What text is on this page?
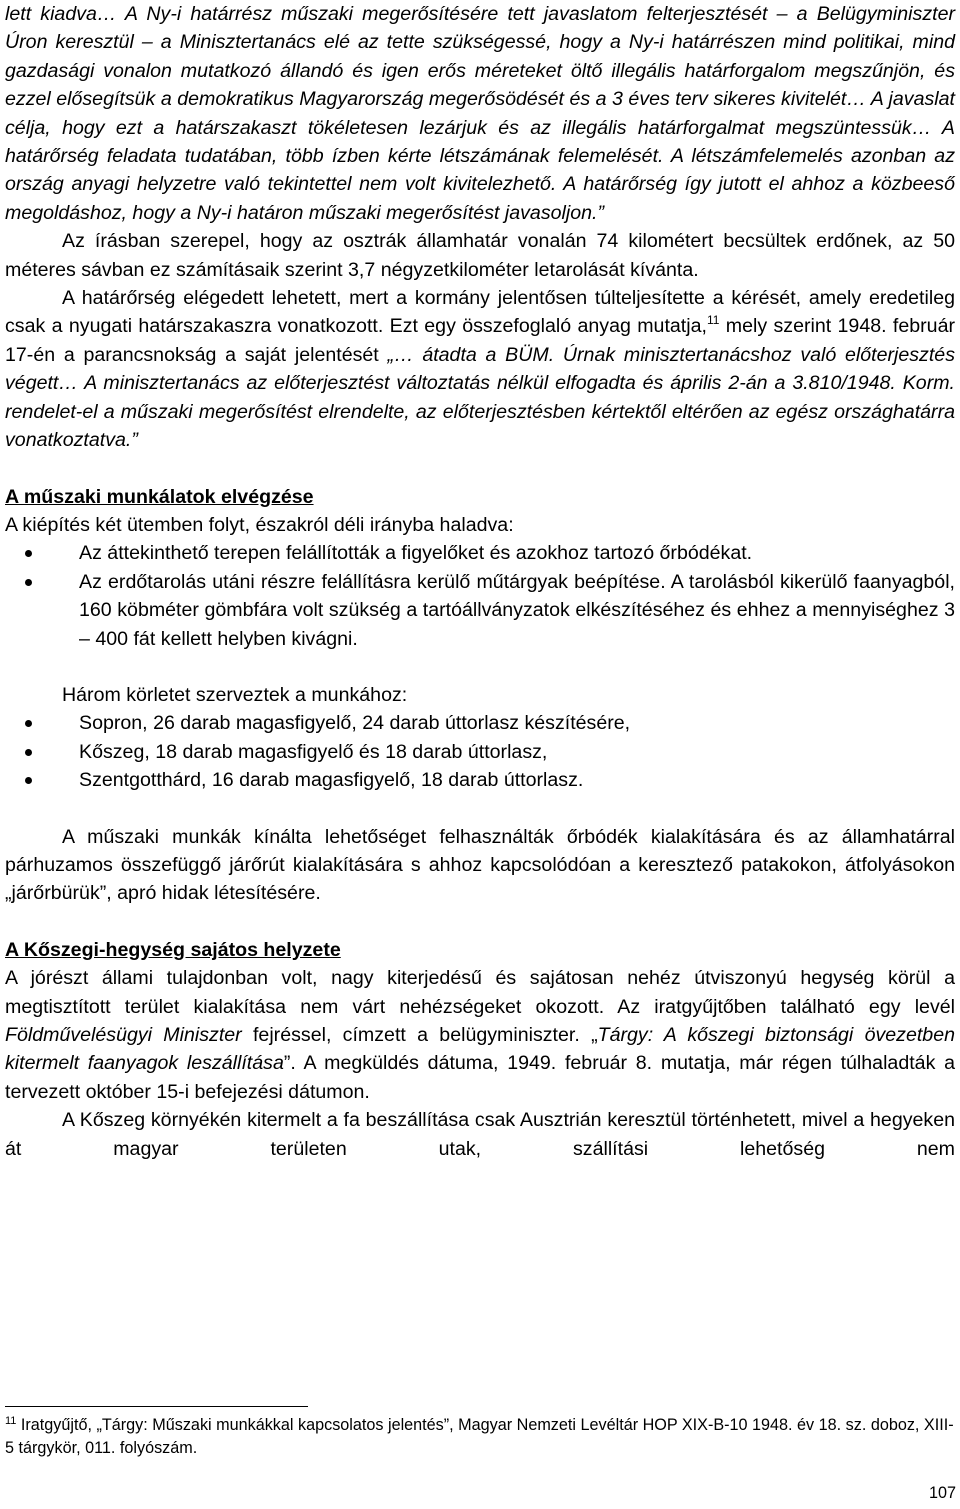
lett kiadva… A Ny-i határrész műszaki megerősítésére tett javaslatom felterjesztését – a Belügyminiszter Úron keresztül – a Minisztertanács elé az tette szükségessé, hogy a Ny-i határrészen mind politikai, mind gazdasági vonalon mutatkozó állandó és igen erős méreteket öltő illegális határforgalom megszűnjön, és ezzel elősegítsük a demokratikus Magyarország megerősödését és a 3 éves terv sikeres kivitelét… A javaslat célja, hogy ezt a határszakaszt tökéletesen lezárjuk és az illegális határforgalmat megszüntessük… A határőrség feladata tudatában, több ízben kérte létszámának felemelését. A létszámfelemelés azonban az ország anyagi helyzetre való tekintettel nem volt kivitelezhető. A határőrség így jutott el ahhoz a közbeeső megoldáshoz, hogy a Ny-i határon műszaki megerősítést javasoljon.”

Az írásban szerepel, hogy az osztrák államhatár vonalán 74 kilométert becsültek erdőnek, az 50 méteres sávban ez számításaik szerint 3,7 négyzetkilométer letarolását kívánta.

A határőrség elégedett lehetett, mert a kormány jelentősen túlteljesítette a kérését, amely eredetileg csak a nyugati határszakaszra vonatkozott. Ezt egy összefoglaló anyag mutatja,$^{11}$ mely szerint 1948. február 17-én a parancsnokság a saját jelentését „… átadta a BÜM. Úrnak minisztertanácshoz való előterjesztés végett… A minisztertanács az előterjesztést változtatás nélkül elfogadta és április 2-án a 3.810/1948. Korm. rendelet-el a műszaki megerősítést elrendelte, az előterjesztésben kértektől eltérően az egész országhatárra vonatkoztatva.”

A műszaki munkálatok elvégzése

A kiépítés két ütemben folyt, északról déli irányba haladva:

Az áttekinthető terepen felállították a figyelőket és azokhoz tartozó őrbódékat.
Az erdőtarolás utáni részre felállításra kerülő műtárgyak beépítése. A tarolásból kikerülő faanyagból, 160 köbméter gömbfára volt szükség a tartóállványzatok elkészítéséhez és ehhez a mennyiséghez 3 – 400 fát kellett helyben kivágni.

Három körletet szerveztek a munkához:

Sopron, 26 darab magasfigyelő, 24 darab úttorlasz készítésére,
Kőszeg, 18 darab magasfigyelő és 18 darab úttorlasz,
Szentgotthárd, 16 darab magasfigyelő, 18 darab úttorlasz.

A műszaki munkák kínálta lehetőséget felhasználták őrbódék kialakítására és az államhatárral párhuzamos összefüggő járőrút kialakítására s ahhoz kapcsolódóan a keresztező patakokon, átfolyásokon „járőrbürük”, apró hidak létesítésére.

A Kőszegi-hegység sajátos helyzete

A jórészt állami tulajdonban volt, nagy kiterjedésű és sajátosan nehéz útviszonyú hegység körül a megtisztított terület kialakítása nem várt nehézségeket okozott. Az iratgyűjtőben található egy levél Földművelésügyi Miniszter fejréssel, címzett a belügyminiszter. „Tárgy: A kőszegi biztonsági övezetben kitermelt faanyagok leszállítása”. A megküldés dátuma, 1949. február 8. mutatja, már régen túlhaladták a tervezett október 15-i befejezési dátumon.

A Kőszeg környékén kitermelt a fa beszállítása csak Ausztrián keresztül történhetett, mivel a hegyeken át magyar területen utak, szállítási lehetőség nem

$^{11}$ Iratgyűjtő, „Tárgy: Műszaki munkákkal kapcsolatos jelentés”, Magyar Nemzeti Levéltár HOP XIX-B-10 1948. év 18. sz. doboz, XIII-5 tárgykör, 011. folyószám.
107
